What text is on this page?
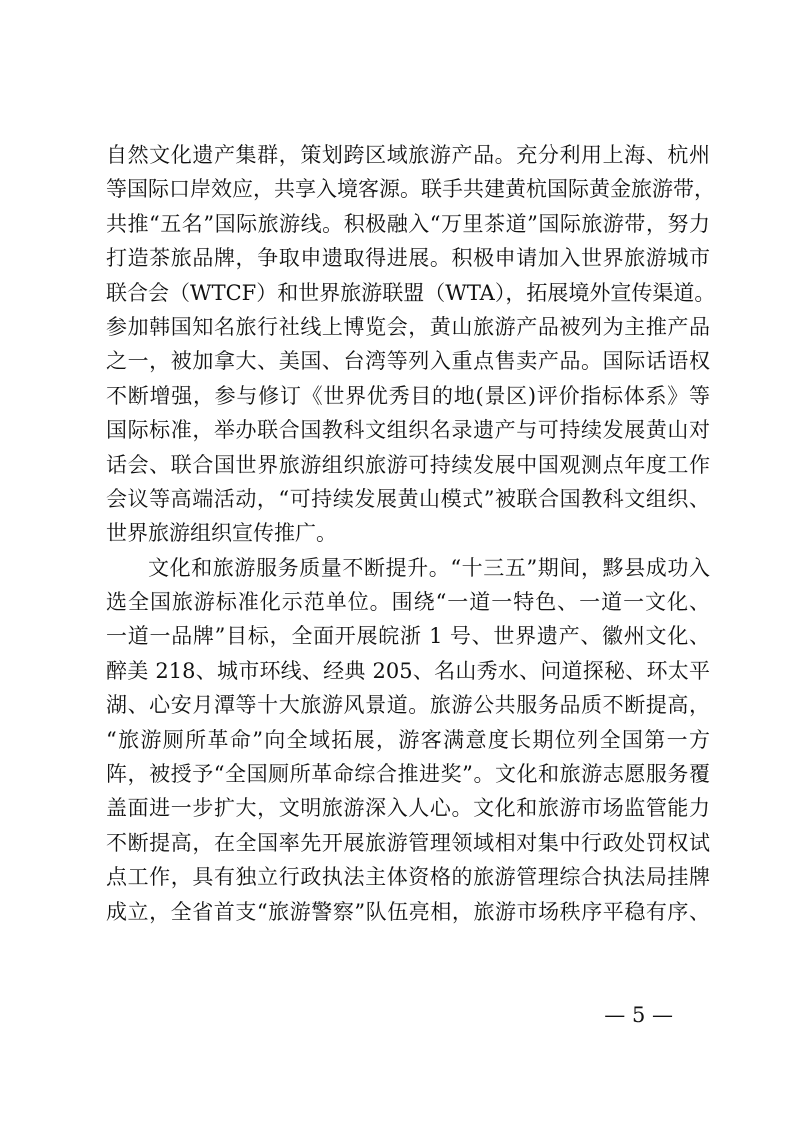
自然文化遗产集群，策划跨区域旅游产品。充分利用上海、杭州
等国际口岸效应，共享入境客源。联手共建黄杭国际黄金旅游带，
共推“五名”国际旅游线。积极融入“万里茶道”国际旅游带，努力
打造茶旅品牌，争取申遗取得进展。积极申请加入世界旅游城市
联合会（WTCF）和世界旅游联盟（WTA），拓展境外宣传渠道。
参加韩国知名旅行社线上博览会，黄山旅游产品被列为主推产品
之一，被加拿大、美国、台湾等列入重点售卖产品。国际话语权
不断增强，参与修订《世界优秀目的地(景区)评价指标体系》等
国际标准，举办联合国教科文组织名录遗产与可持续发展黄山对
话会、联合国世界旅游组织旅游可持续发展中国观测点年度工作
会议等高端活动，“可持续发展黄山模式”被联合国教科文组织、
世界旅游组织宣传推广。
文化和旅游服务质量不断提升。“十三五”期间，黟县成功入
选全国旅游标准化示范单位。围绕“一道一特色、一道一文化、
一道一品牌”目标，全面开展皖浙 1 号、世界遗产、徽州文化、
醉美 218、城市环线、经典 205、名山秀水、问道探秘、环太平
湖、心安月潭等十大旅游风景道。旅游公共服务品质不断提高，
“旅游厕所革命”向全域拓展，游客满意度长期位列全国第一方
阵，被授予“全国厕所革命综合推进奖”。文化和旅游志愿服务覆
盖面进一步扩大，文明旅游深入人心。文化和旅游市场监管能力
不断提高，在全国率先开展旅游管理领域相对集中行政处罚权试
点工作，具有独立行政执法主体资格的旅游管理综合执法局挂牌
成立，全省首支“旅游警察”队伍亮相，旅游市场秩序平稳有序、
— 5 —
